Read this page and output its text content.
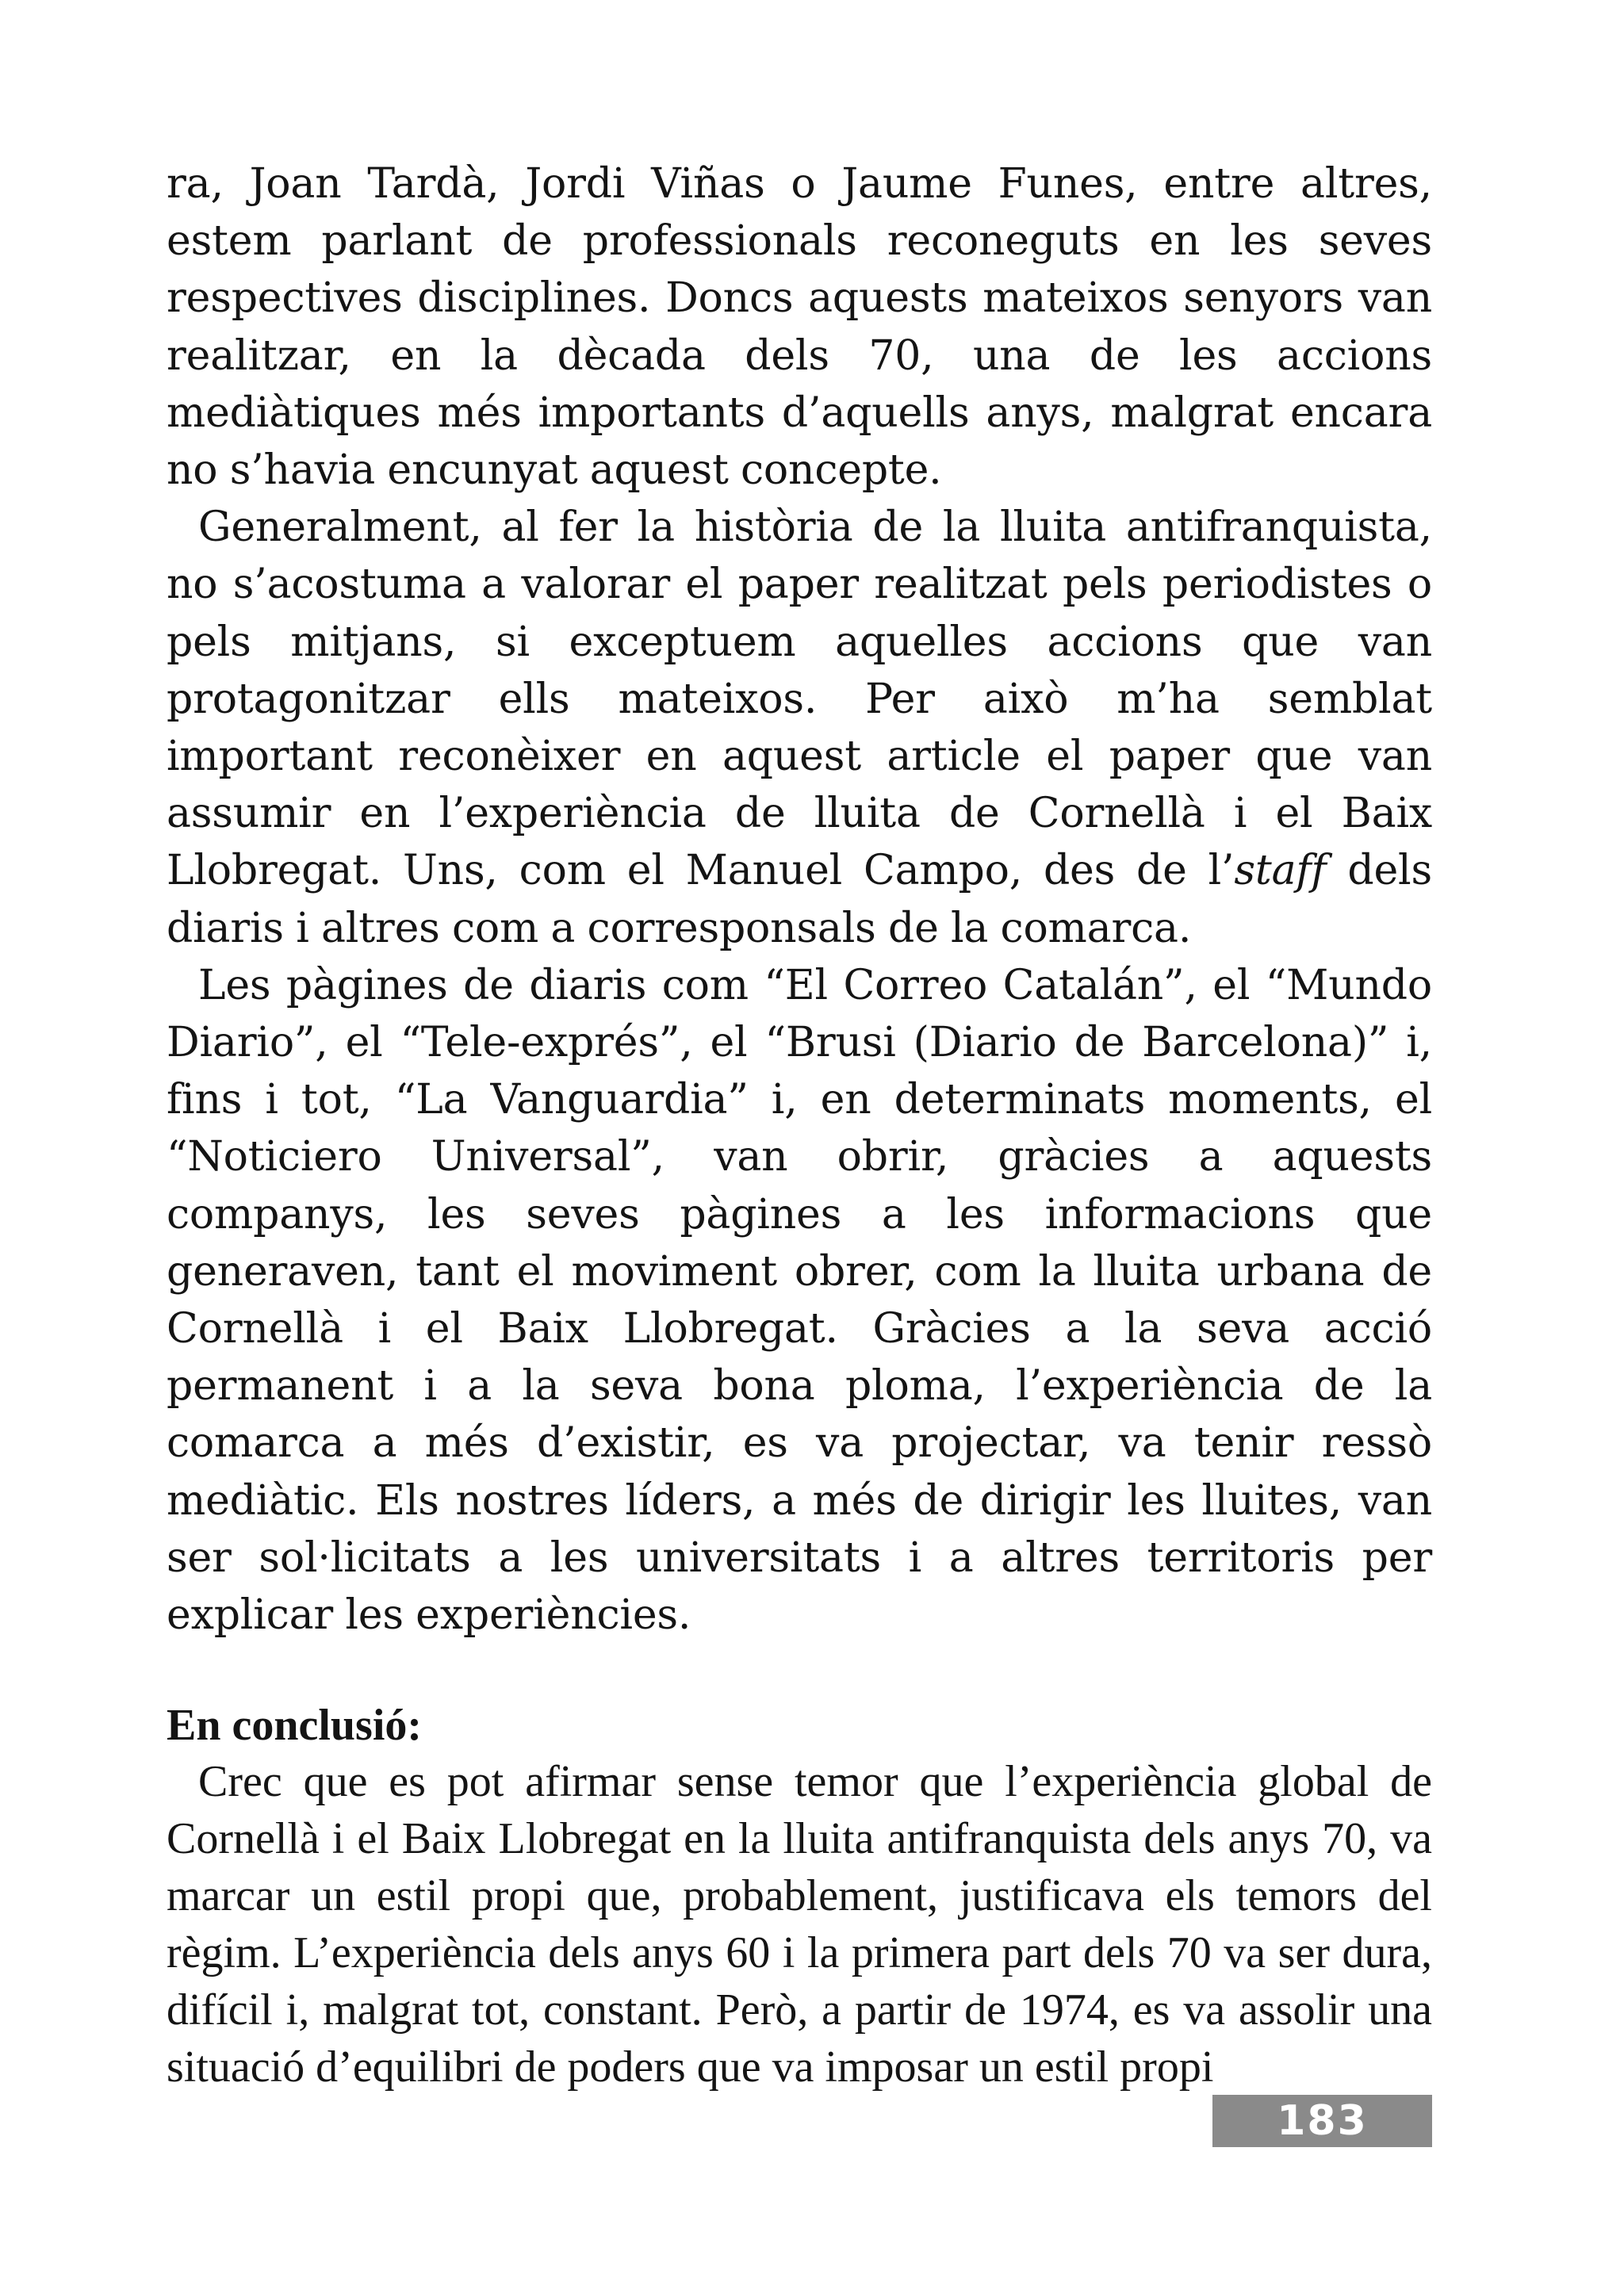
ra, Joan Tardà, Jordi Viñas o Jaume Funes, entre altres, estem parlant de professionals reconeguts en les seves respectives disciplines. Doncs aquests mateixos senyors van realitzar, en la dècada dels 70, una de les accions mediàtiques més importants d’aquells anys, malgrat encara no s’havia encunyat aquest concepte.

Generalment, al fer la història de la lluita antifranquista, no s’acostuma a valorar el paper realitzat pels periodistes o pels mitjans, si exceptuem aquelles accions que van protagonitzar ells mateixos. Per això m’ha semblat important reconèixer en aquest article el paper que van assumir en l’experiència de lluita de Cornellà i el Baix Llobregat. Uns, com el Manuel Campo, des de l’staff dels diaris i altres com a corresponsals de la comarca.

Les pàgines de diaris com “El Correo Catalán”, el “Mundo Diario”, el “Tele-exprés”, el “Brusi (Diario de Barcelona)” i, fins i tot, “La Vanguardia” i, en determinats moments, el “Noticiero Universal”, van obrir, gràcies a aquests companys, les seves pàgines a les informacions que generaven, tant el moviment obrer, com la lluita urbana de Cornellà i el Baix Llobregat. Gràcies a la seva acció permanent i a la seva bona ploma, l’experiència de la comarca a més d’existir, es va projectar, va tenir ressò mediàtic. Els nostres líders, a més de dirigir les lluites, van ser sol·licitats a les universitats i a altres territoris per explicar les experiències.

En conclusió:

Crec que es pot afirmar sense temor que l’experiència global de Cornellà i el Baix Llobregat en la lluita antifranquista dels anys 70, va marcar un estil propi que, probablement, justificava els temors del règim. L’experiència dels anys 60 i la primera part dels 70 va ser dura, difícil i, malgrat tot, constant. Però, a partir de 1974, es va assolir una situació d’equilibri de poders que va imposar un estil propi

183
